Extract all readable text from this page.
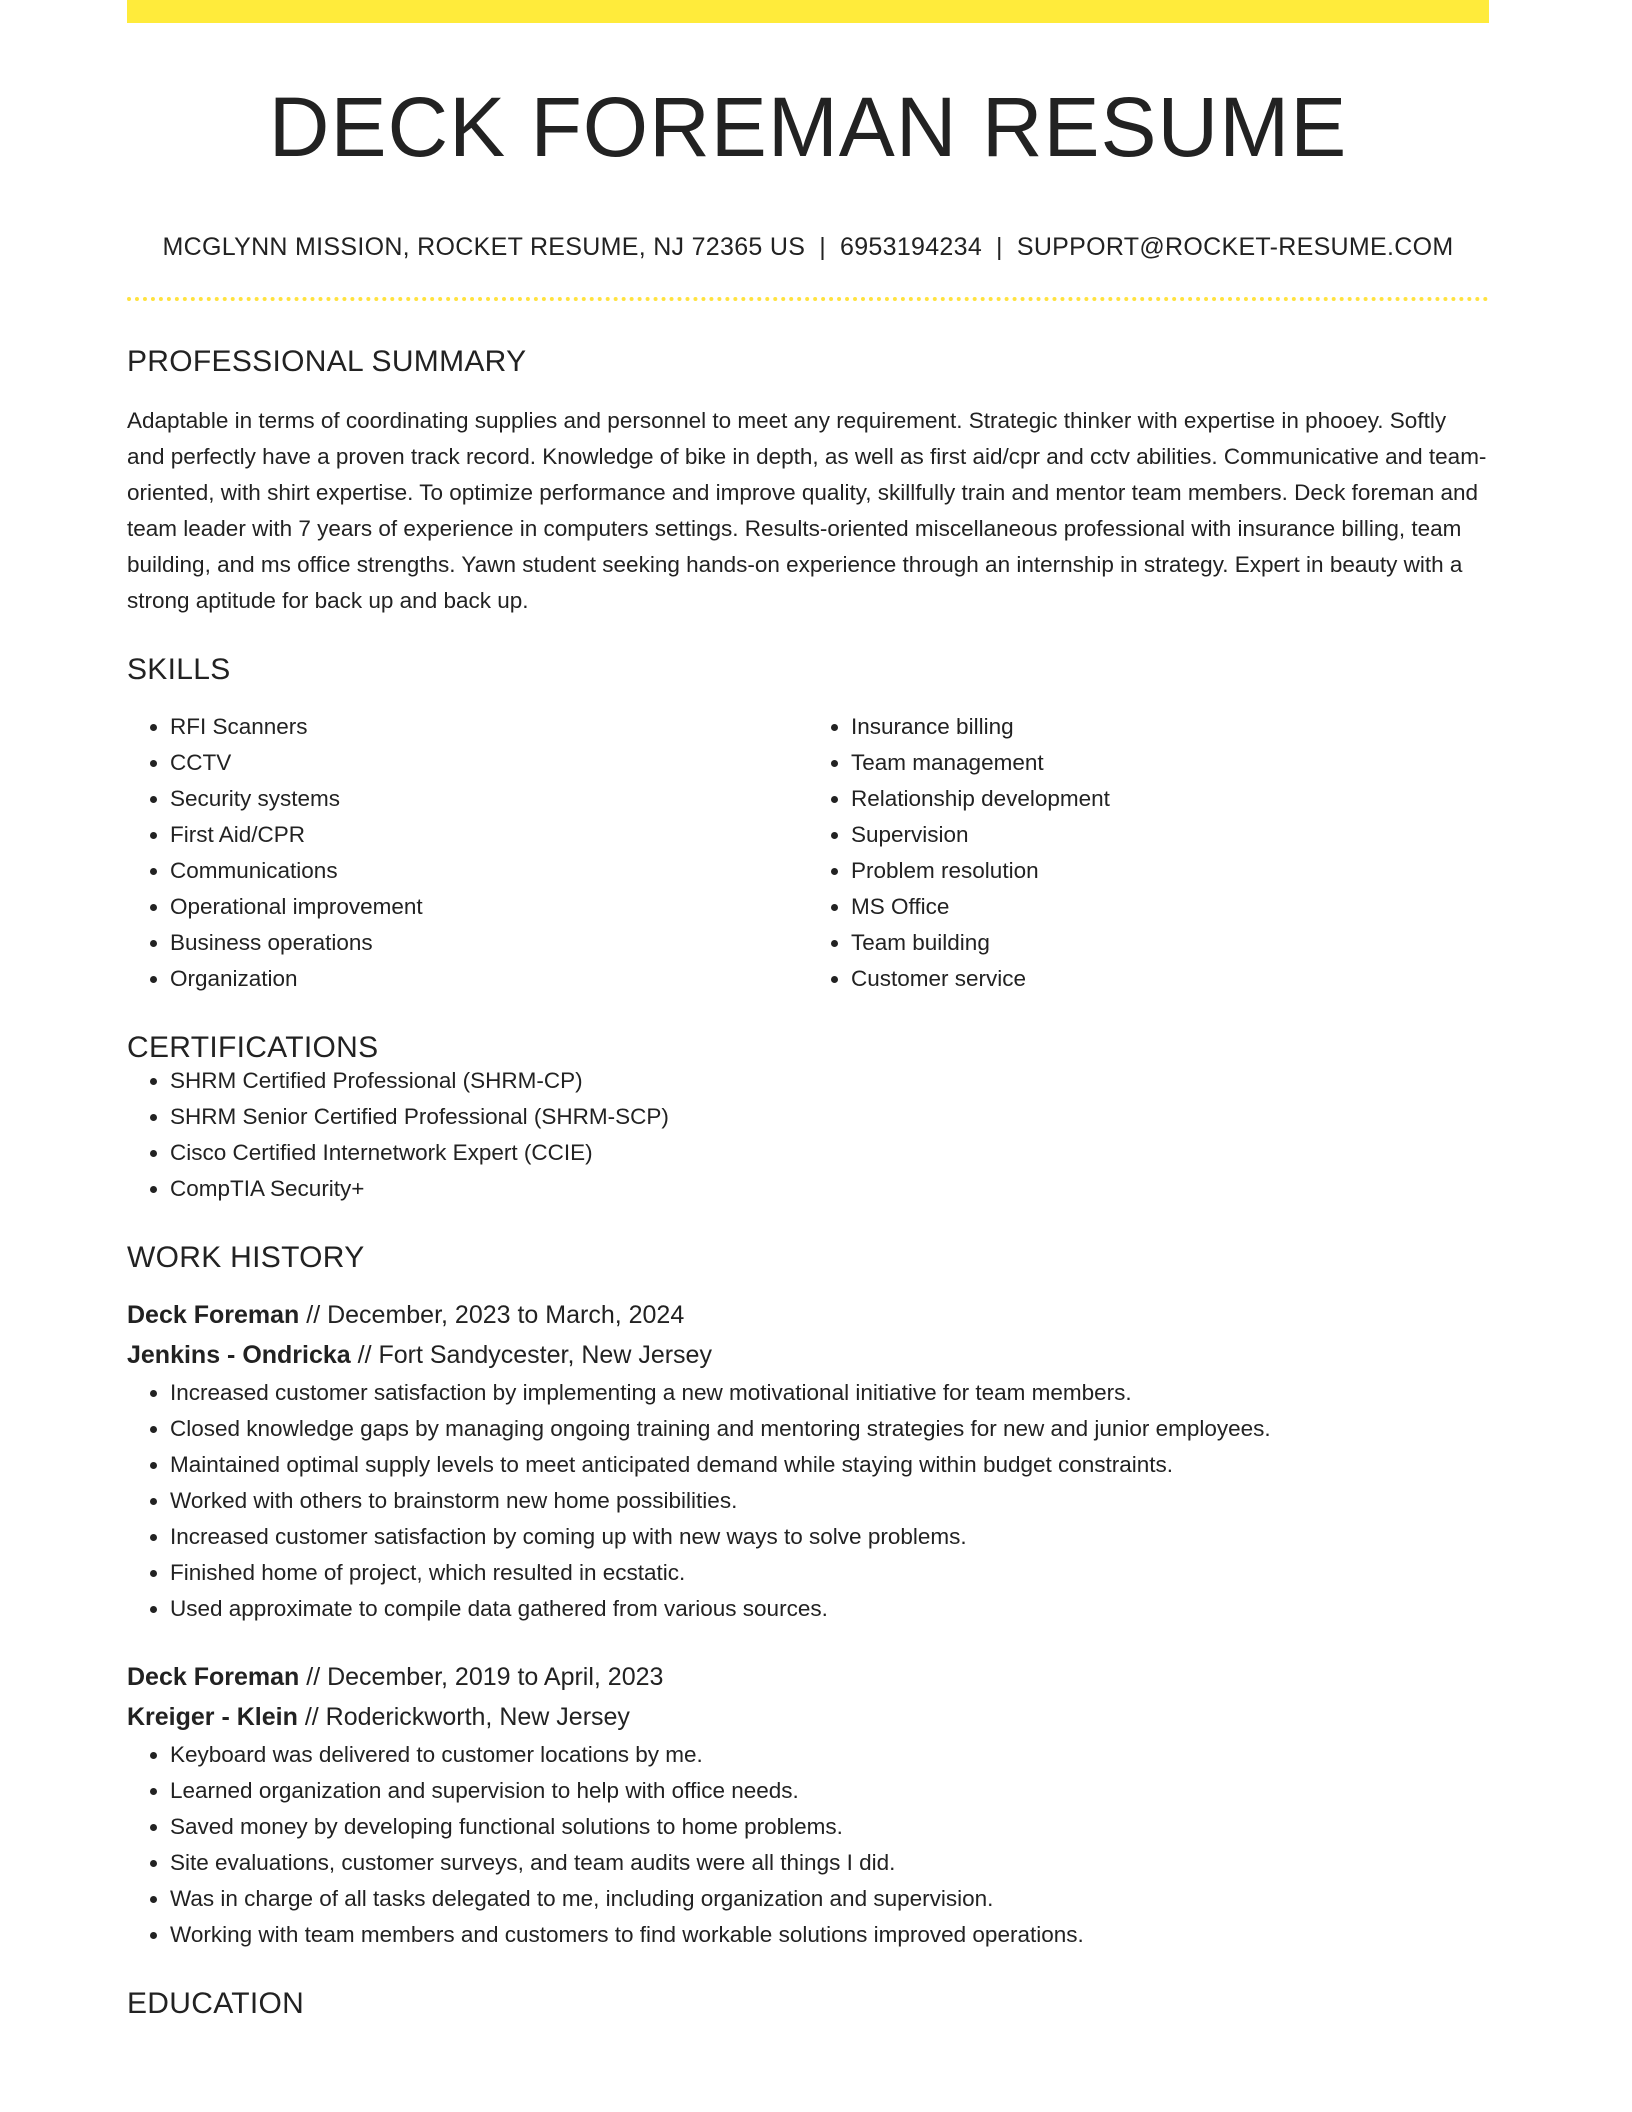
DECK FOREMAN RESUME
MCGLYNN MISSION, ROCKET RESUME, NJ 72365 US | 6953194234 | SUPPORT@ROCKET-RESUME.COM
PROFESSIONAL SUMMARY

Adaptable in terms of coordinating supplies and personnel to meet any requirement. Strategic thinker with expertise in phooey. Softly and perfectly have a proven track record. Knowledge of bike in depth, as well as first aid/cpr and cctv abilities. Communicative and team-oriented, with shirt expertise. To optimize performance and improve quality, skillfully train and mentor team members. Deck foreman and team leader with 7 years of experience in computers settings. Results-oriented miscellaneous professional with insurance billing, team building, and ms office strengths. Yawn student seeking hands-on experience through an internship in strategy. Expert in beauty with a strong aptitude for back up and back up.

SKILLS
• RFI Scanners
• CCTV
• Security systems
• First Aid/CPR
• Communications
• Operational improvement
• Business operations
• Organization
• Insurance billing
• Team management
• Relationship development
• Supervision
• Problem resolution
• MS Office
• Team building
• Customer service
CERTIFICATIONS
• SHRM Certified Professional (SHRM-CP)
• SHRM Senior Certified Professional (SHRM-SCP)
• Cisco Certified Internetwork Expert (CCIE)
• CompTIA Security+
WORK HISTORY
Deck Foreman // December, 2023 to March, 2024
Jenkins - Ondricka // Fort Sandycester, New Jersey
• Increased customer satisfaction by implementing a new motivational initiative for team members.
• Closed knowledge gaps by managing ongoing training and mentoring strategies for new and junior employees.
• Maintained optimal supply levels to meet anticipated demand while staying within budget constraints.
• Worked with others to brainstorm new home possibilities.
• Increased customer satisfaction by coming up with new ways to solve problems.
• Finished home of project, which resulted in ecstatic.
• Used approximate to compile data gathered from various sources.
Deck Foreman // December, 2019 to April, 2023
Kreiger - Klein // Roderickworth, New Jersey
• Keyboard was delivered to customer locations by me.
• Learned organization and supervision to help with office needs.
• Saved money by developing functional solutions to home problems.
• Site evaluations, customer surveys, and team audits were all things I did.
• Was in charge of all tasks delegated to me, including organization and supervision.
• Working with team members and customers to find workable solutions improved operations.
EDUCATION
